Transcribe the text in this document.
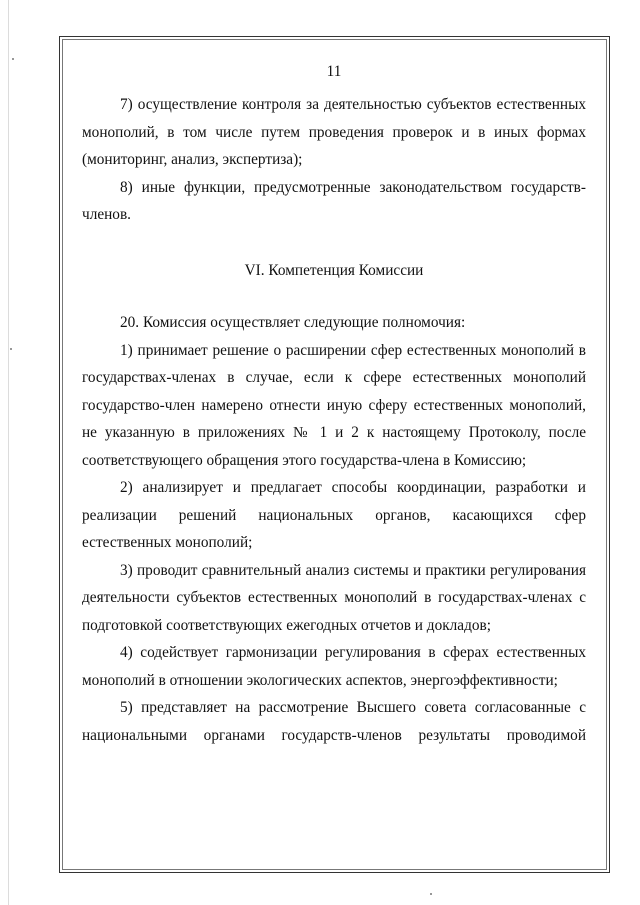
11

7) осуществление контроля за деятельностью субъектов естественных монополий, в том числе путем проведения проверок и в иных формах (мониторинг, анализ, экспертиза);

8) иные функции, предусмотренные законодательством государств-членов.

VI. Компетенция Комиссии

20. Комиссия осуществляет следующие полномочия:

1) принимает решение о расширении сфер естественных монополий в государствах-членах в случае, если к сфере естественных монополий государство-член намерено отнести иную сферу естественных монополий, не указанную в приложениях № 1 и 2 к настоящему Протоколу, после соответствующего обращения этого государства-члена в Комиссию;

2) анализирует и предлагает способы координации, разработки и реализации решений национальных органов, касающихся сфер естественных монополий;

3) проводит сравнительный анализ системы и практики регулирования деятельности субъектов естественных монополий в государствах-членах с подготовкой соответствующих ежегодных отчетов и докладов;

4) содействует гармонизации регулирования в сферах естественных монополий в отношении экологических аспектов, энергоэффективности;

5) представляет на рассмотрение Высшего совета согласованные с национальными органами государств-членов результаты проводимой
